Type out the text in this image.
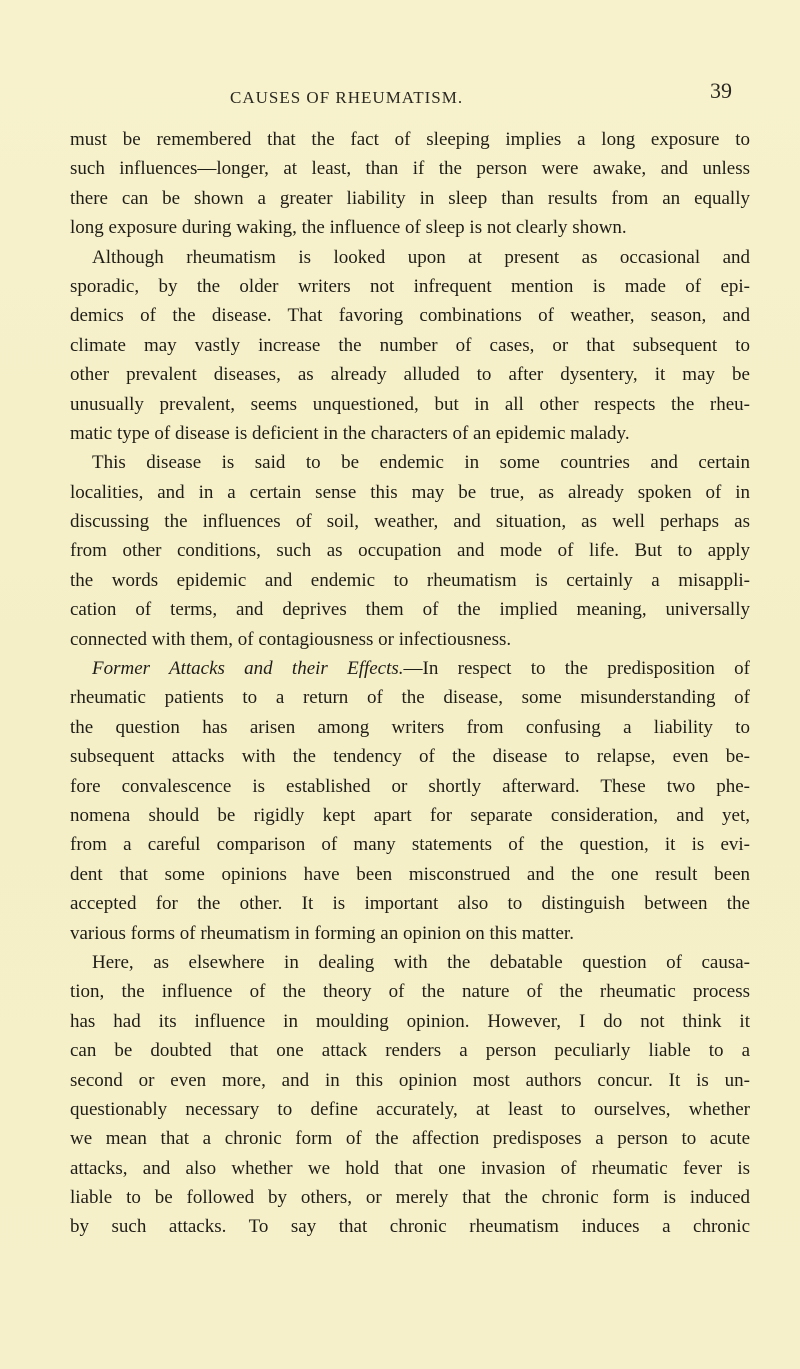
CAUSES OF RHEUMATISM.	39
must be remembered that the fact of sleeping implies a long exposure to
such influences—longer, at least, than if the person were awake, and unless
there can be shown a greater liability in sleep than results from an equally
long exposure during waking, the influence of sleep is not clearly shown.
Although rheumatism is looked upon at present as occasional and
sporadic, by the older writers not infrequent mention is made of epi-
demics of the disease. That favoring combinations of weather, season, and
climate may vastly increase the number of cases, or that subsequent to
other prevalent diseases, as already alluded to after dysentery, it may be
unusually prevalent, seems unquestioned, but in all other respects the rheu-
matic type of disease is deficient in the characters of an epidemic malady.
This disease is said to be endemic in some countries and certain
localities, and in a certain sense this may be true, as already spoken of in
discussing the influences of soil, weather, and situation, as well perhaps as
from other conditions, such as occupation and mode of life. But to apply
the words epidemic and endemic to rheumatism is certainly a misappli-
cation of terms, and deprives them of the implied meaning, universally
connected with them, of contagiousness or infectiousness.
Former Attacks and their Effects.—In respect to the predisposition of
rheumatic patients to a return of the disease, some misunderstanding of
the question has arisen among writers from confusing a liability to
subsequent attacks with the tendency of the disease to relapse, even be-
fore convalescence is established or shortly afterward. These two phe-
nomena should be rigidly kept apart for separate consideration, and yet,
from a careful comparison of many statements of the question, it is evi-
dent that some opinions have been misconstrued and the one result been
accepted for the other. It is important also to distinguish between the
various forms of rheumatism in forming an opinion on this matter.
Here, as elsewhere in dealing with the debatable question of causa-
tion, the influence of the theory of the nature of the rheumatic process
has had its influence in moulding opinion. However, I do not think it
can be doubted that one attack renders a person peculiarly liable to a
second or even more, and in this opinion most authors concur. It is un-
questionably necessary to define accurately, at least to ourselves, whether
we mean that a chronic form of the affection predisposes a person to acute
attacks, and also whether we hold that one invasion of rheumatic fever is
liable to be followed by others, or merely that the chronic form is induced
by such attacks. To say that chronic rheumatism induces a chronic
